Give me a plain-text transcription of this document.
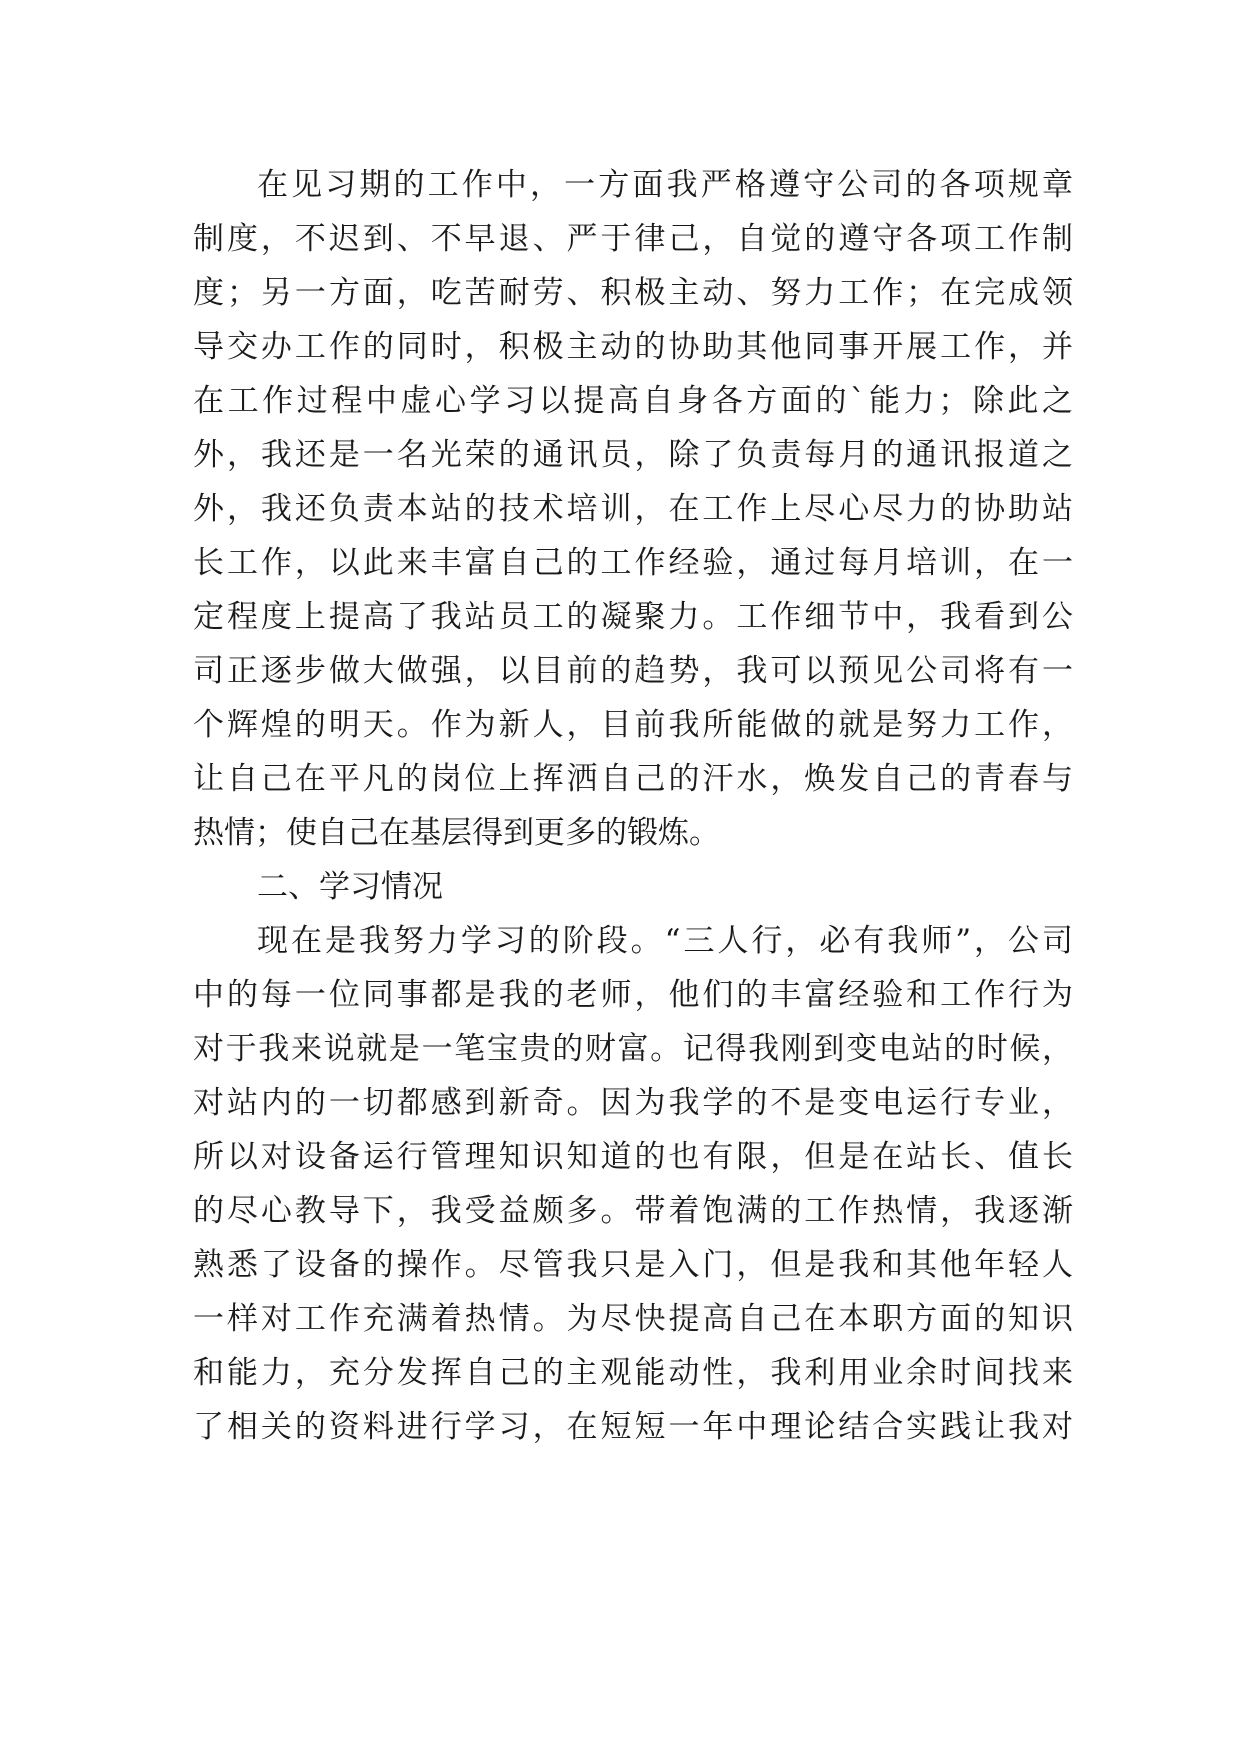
在见习期的工作中，一方面我严格遵守公司的各项规章
制度，不迟到、不早退、严于律己，自觉的遵守各项工作制
度；另一方面，吃苦耐劳、积极主动、努力工作；在完成领
导交办工作的同时，积极主动的协助其他同事开展工作，并
在工作过程中虚心学习以提高自身各方面的`能力；除此之
外，我还是一名光荣的通讯员，除了负责每月的通讯报道之
外，我还负责本站的技术培训，在工作上尽心尽力的协助站
长工作，以此来丰富自己的工作经验，通过每月培训，在一
定程度上提高了我站员工的凝聚力。工作细节中，我看到公
司正逐步做大做强，以目前的趋势，我可以预见公司将有一
个辉煌的明天。作为新人，目前我所能做的就是努力工作，
让自己在平凡的岗位上挥洒自己的汗水，焕发自己的青春与
热情；使自己在基层得到更多的锻炼。
二、学习情况
现在是我努力学习的阶段。“三人行，必有我师”，公司
中的每一位同事都是我的老师，他们的丰富经验和工作行为
对于我来说就是一笔宝贵的财富。记得我刚到变电站的时候，
对站内的一切都感到新奇。因为我学的不是变电运行专业，
所以对设备运行管理知识知道的也有限，但是在站长、值长
的尽心教导下，我受益颇多。带着饱满的工作热情，我逐渐
熟悉了设备的操作。尽管我只是入门，但是我和其他年轻人
一样对工作充满着热情。为尽快提高自己在本职方面的知识
和能力，充分发挥自己的主观能动性，我利用业余时间找来
了相关的资料进行学习，在短短一年中理论结合实践让我对
